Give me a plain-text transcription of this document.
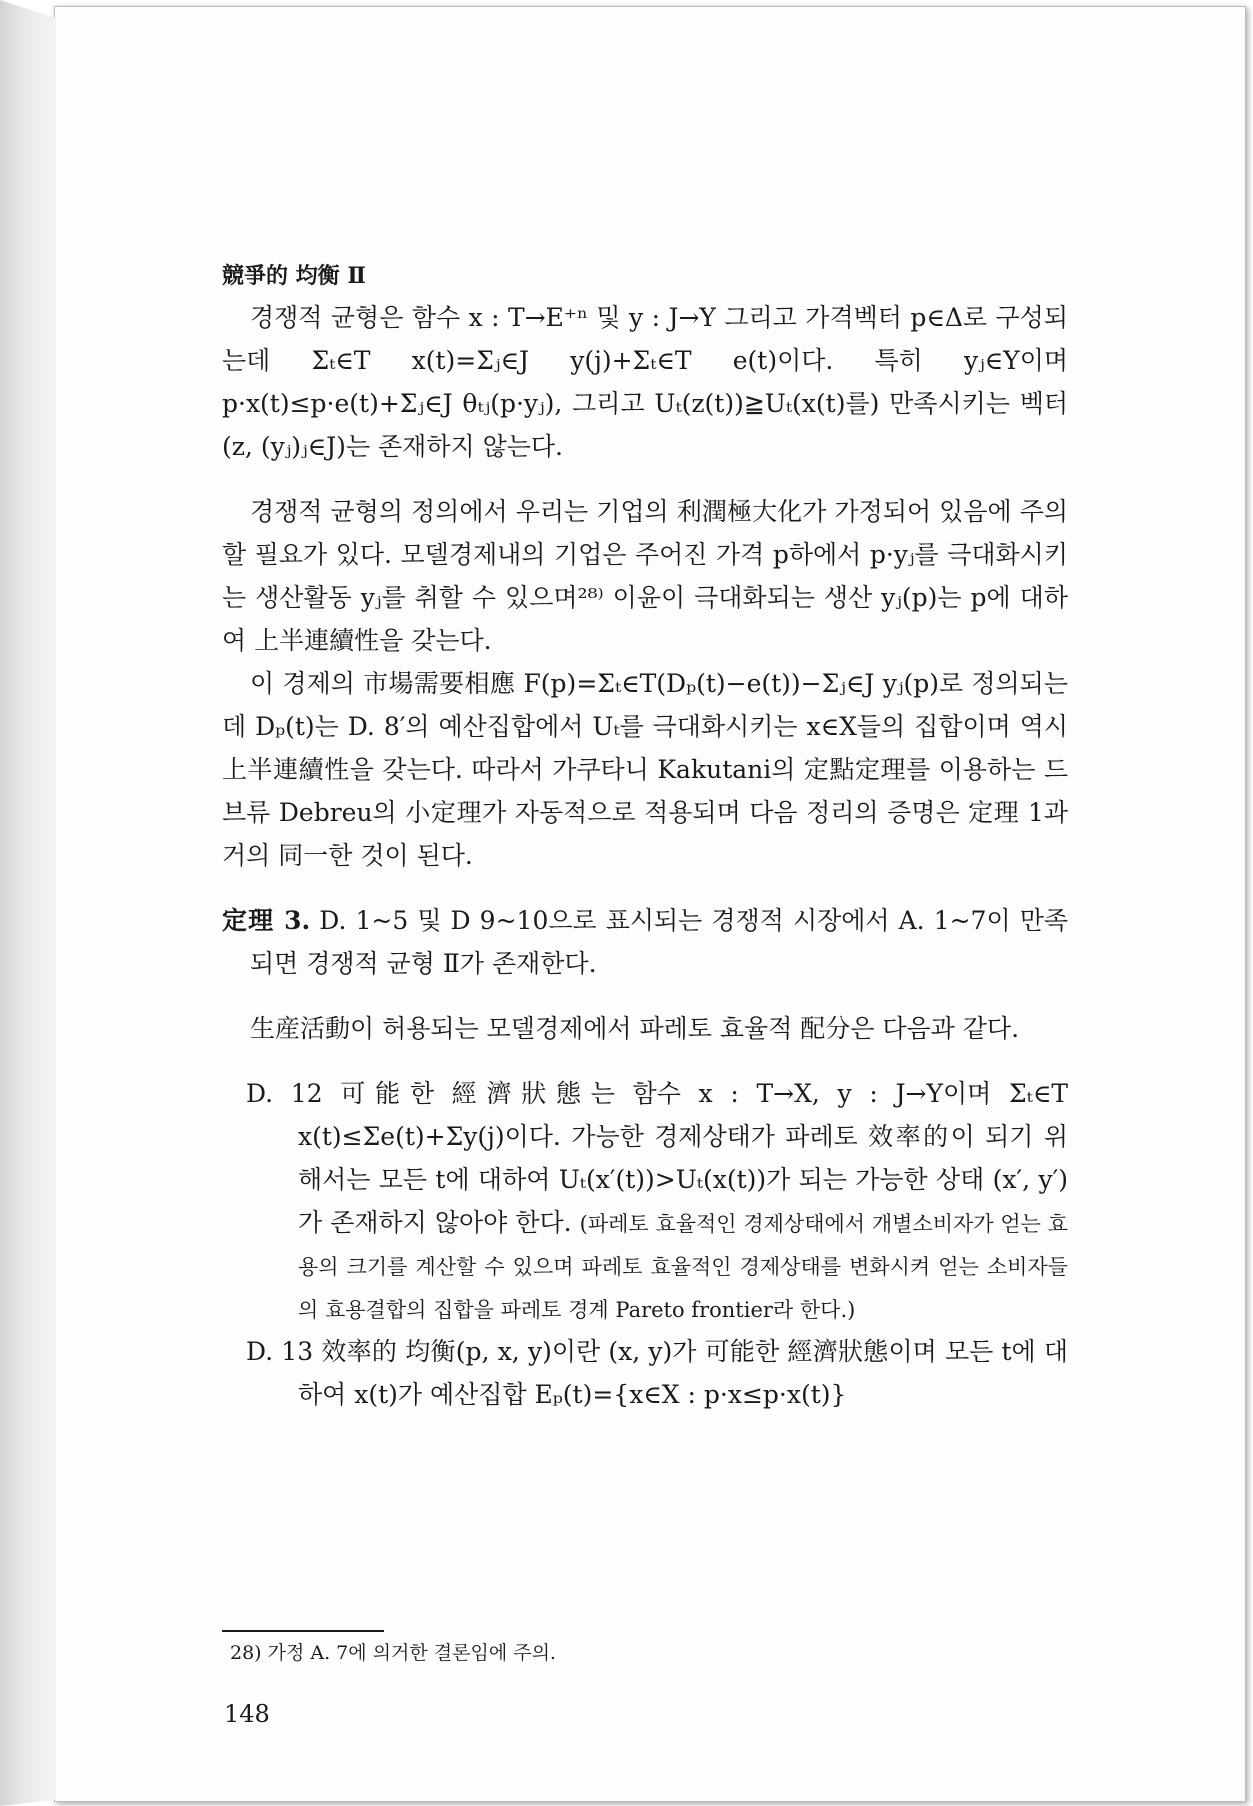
競爭的 均衡 Ⅱ

경쟁적 균형은 함수 x : T→E⁺ⁿ 및 y : J→Y 그리고 가격벡터 p∈Δ로 구성되는데 Σₜ∈T x(t)=Σⱼ∈J y(j)+Σₜ∈T e(t)이다. 특히 yⱼ∈Y이며 p·x(t)≤p·e(t)+Σⱼ∈J θₜⱼ(p·yⱼ), 그리고 Uₜ(z(t))≧Uₜ(x(t)를) 만족시키는 벡터 (z, (yⱼ)ⱼ∈J)는 존재하지 않는다.

경쟁적 균형의 정의에서 우리는 기업의 利潤極大化가 가정되어 있음에 주의할 필요가 있다. 모델경제내의 기업은 주어진 가격 p하에서 p·yⱼ를 극대화시키는 생산활동 yⱼ를 취할 수 있으며²⁸⁾ 이윤이 극대화되는 생산 yⱼ(p)는 p에 대하여 上半連續性을 갖는다.

이 경제의 市場需要相應 F(p)=Σₜ∈T(Dₚ(t)−e(t))−Σⱼ∈J yⱼ(p)로 정의되는데 Dₚ(t)는 D. 8′의 예산집합에서 Uₜ를 극대화시키는 x∈X들의 집합이며 역시 上半連續性을 갖는다. 따라서 가쿠타니 Kakutani의 定點定理를 이용하는 드브류 Debreu의 小定理가 자동적으로 적용되며 다음 정리의 증명은 定理 1과 거의 同一한 것이 된다.

定理 3. D. 1~5 및 D 9~10으로 표시되는 경쟁적 시장에서 A. 1~7이 만족되면 경쟁적 균형 Ⅱ가 존재한다.

生産活動이 허용되는 모델경제에서 파레토 효율적 配分은 다음과 같다.

D. 12 可能한 經濟狀態는 함수 x : T→X, y : J→Y이며 Σₜ∈T x(t)≤Σe(t)+Σy(j)이다. 가능한 경제상태가 파레토 效率的이 되기 위해서는 모든 t에 대하여 Uₜ(x′(t))>Uₜ(x(t))가 되는 가능한 상태 (x′, y′)가 존재하지 않아야 한다. (파레토 효율적인 경제상태에서 개별소비자가 얻는 효용의 크기를 계산할 수 있으며 파레토 효율적인 경제상태를 변화시켜 얻는 소비자들의 효용결합의 집합을 파레토 경계 Pareto frontier라 한다.)
D. 13 效率的 均衡(p, x, y)이란 (x, y)가 可能한 經濟狀態이며 모든 t에 대하여 x(t)가 예산집합 Eₚ(t)={x∈X : p·x≤p·x(t)}
28) 가정 A. 7에 의거한 결론임에 주의.
148
